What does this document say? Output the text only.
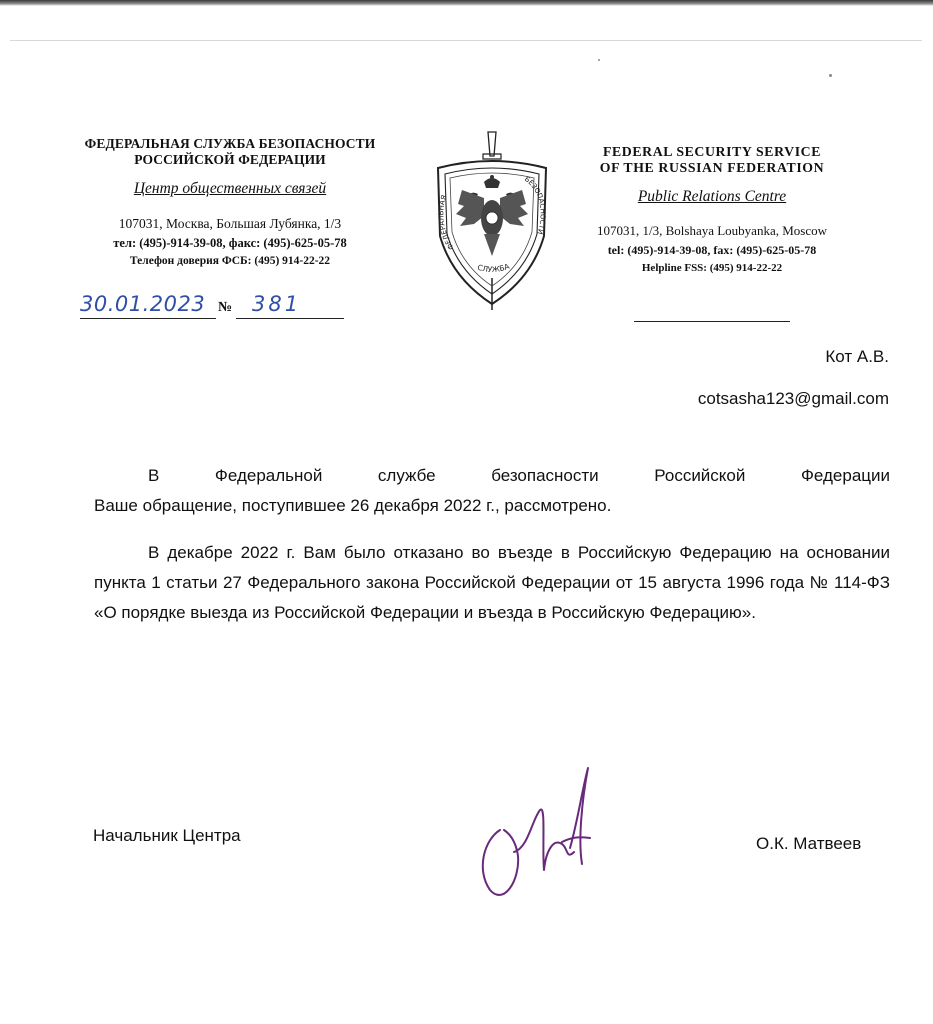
ФЕДЕРАЛЬНАЯ СЛУЖБА БЕЗОПАСНОСТИ
РОССИЙСКОЙ ФЕДЕРАЦИИ
Центр общественных связей
107031, Москва, Большая Лубянка, 1/3
тел: (495)-914-39-08, факс: (495)-625-05-78
Телефон доверия ФСБ: (495) 914-22-22
ФЕДЕРАЛЬНАЯ
БЕЗОПАСНОСТИ
СЛУЖБА
FEDERAL SECURITY SERVICE
OF THE RUSSIAN FEDERATION
Public Relations Centre
107031, 1/3, Bolshaya Loubyanka, Moscow
tel: (495)-914-39-08, fax: (495)-625-05-78
Helpline FSS: (495) 914-22-22
30.01.2023 № 381
Кот А.В.
cotsasha123@gmail.com
В Федеральной службе безопасности Российской Федерации
Ваше обращение, поступившее 26 декабря 2022 г., рассмотрено.
В декабре 2022 г. Вам было отказано во въезде в Российскую Федерацию на основании пункта 1 статьи 27 Федерального закона Российской Федерации от 15 августа 1996 года № 114-ФЗ «О порядке выезда из Российской Федерации и въезда в Российскую Федерацию».
Начальник Центра	О.К. Матвеев
